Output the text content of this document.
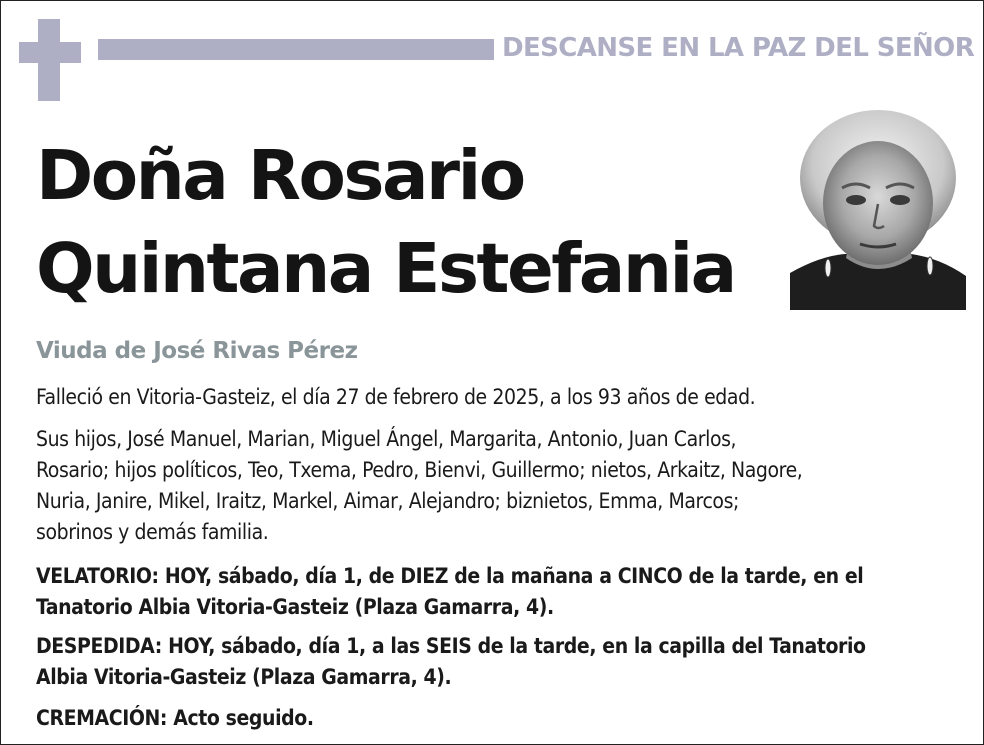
DESCANSE EN LA PAZ DEL SEÑOR
Doña Rosario
Quintana Estefania
Viuda de José Rivas Pérez
Falleció en Vitoria-Gasteiz, el día 27 de febrero de 2025, a los 93 años de edad.
Sus hijos, José Manuel, Marian, Miguel Ángel, Margarita, Antonio, Juan Carlos,
Rosario; hijos políticos, Teo, Txema, Pedro, Bienvi, Guillermo; nietos, Arkaitz, Nagore,
Nuria, Janire, Mikel, Iraitz, Markel, Aimar, Alejandro; biznietos, Emma, Marcos;
sobrinos y demás familia.
VELATORIO: HOY, sábado, día 1, de DIEZ de la mañana a CINCO de la tarde, en el
Tanatorio Albia Vitoria-Gasteiz (Plaza Gamarra, 4).
DESPEDIDA: HOY, sábado, día 1, a las SEIS de la tarde, en la capilla del Tanatorio
Albia Vitoria-Gasteiz (Plaza Gamarra, 4).
CREMACIÓN: Acto seguido.
